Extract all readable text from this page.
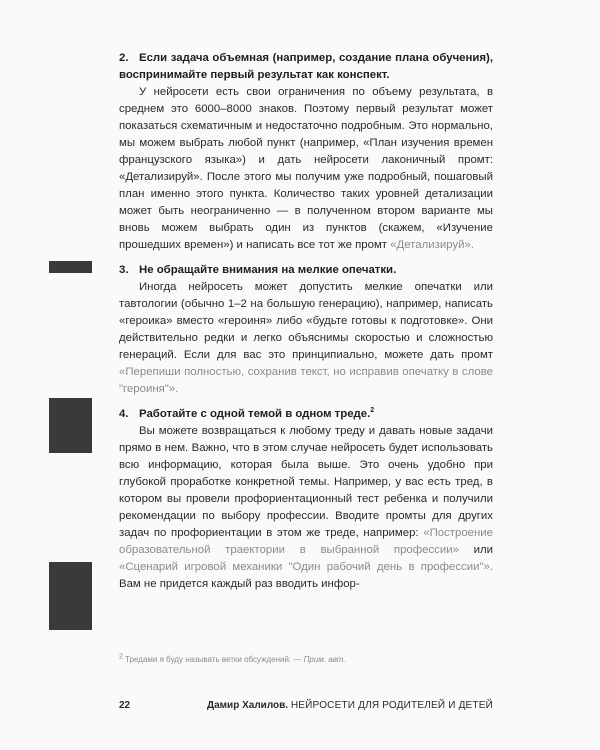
2. Если задача объемная (например, создание плана обучения), воспринимайте первый результат как конспект.

У нейросети есть свои ограничения по объему результата, в среднем это 6000–8000 знаков. Поэтому первый результат может показаться схематичным и недостаточно подробным. Это нормально, мы можем выбрать любой пункт (например, «План изучения времен французского языка») и дать нейросети лаконичный промт: «Детализируй». После этого мы получим уже подробный, пошаговый план именно этого пункта. Количество таких уровней детализации может быть неограниченно — в полученном втором варианте мы вновь можем выбрать один из пунктов (скажем, «Изучение прошедших времен») и написать все тот же промт «Детализируй».

3. Не обращайте внимания на мелкие опечатки.

Иногда нейросеть может допустить мелкие опечатки или тавтологии (обычно 1–2 на большую генерацию), например, написать «героика» вместо «героиня» либо «будьте готовы к подготовке». Они действительно редки и легко объяснимы скоростью и сложностью генераций. Если для вас это принципиально, можете дать промт «Перепиши полностью, сохранив текст, но исправив опечатку в слове "героиня"».

4. Работайте с одной темой в одном треде.$^2$

Вы можете возвращаться к любому треду и давать новые задачи прямо в нем. Важно, что в этом случае нейросеть будет использовать всю информацию, которая была выше. Это очень удобно при глубокой проработке конкретной темы. Например, у вас есть тред, в котором вы провели профориентационный тест ребенка и получили рекомендации по выбору профессии. Вводите промты для других задач по профориентации в этом же треде, например: «Построение образовательной траектории в выбранной профессии» или «Сценарий игровой механики "Один рабочий день в профессии"». Вам не придется каждый раз вводить инфор-

$^2$ Тредами я буду называть ветки обсуждений. — Прим. авт.

22	Дамир Халилов. НЕЙРОСЕТИ ДЛЯ РОДИТЕЛЕЙ И ДЕТЕЙ
